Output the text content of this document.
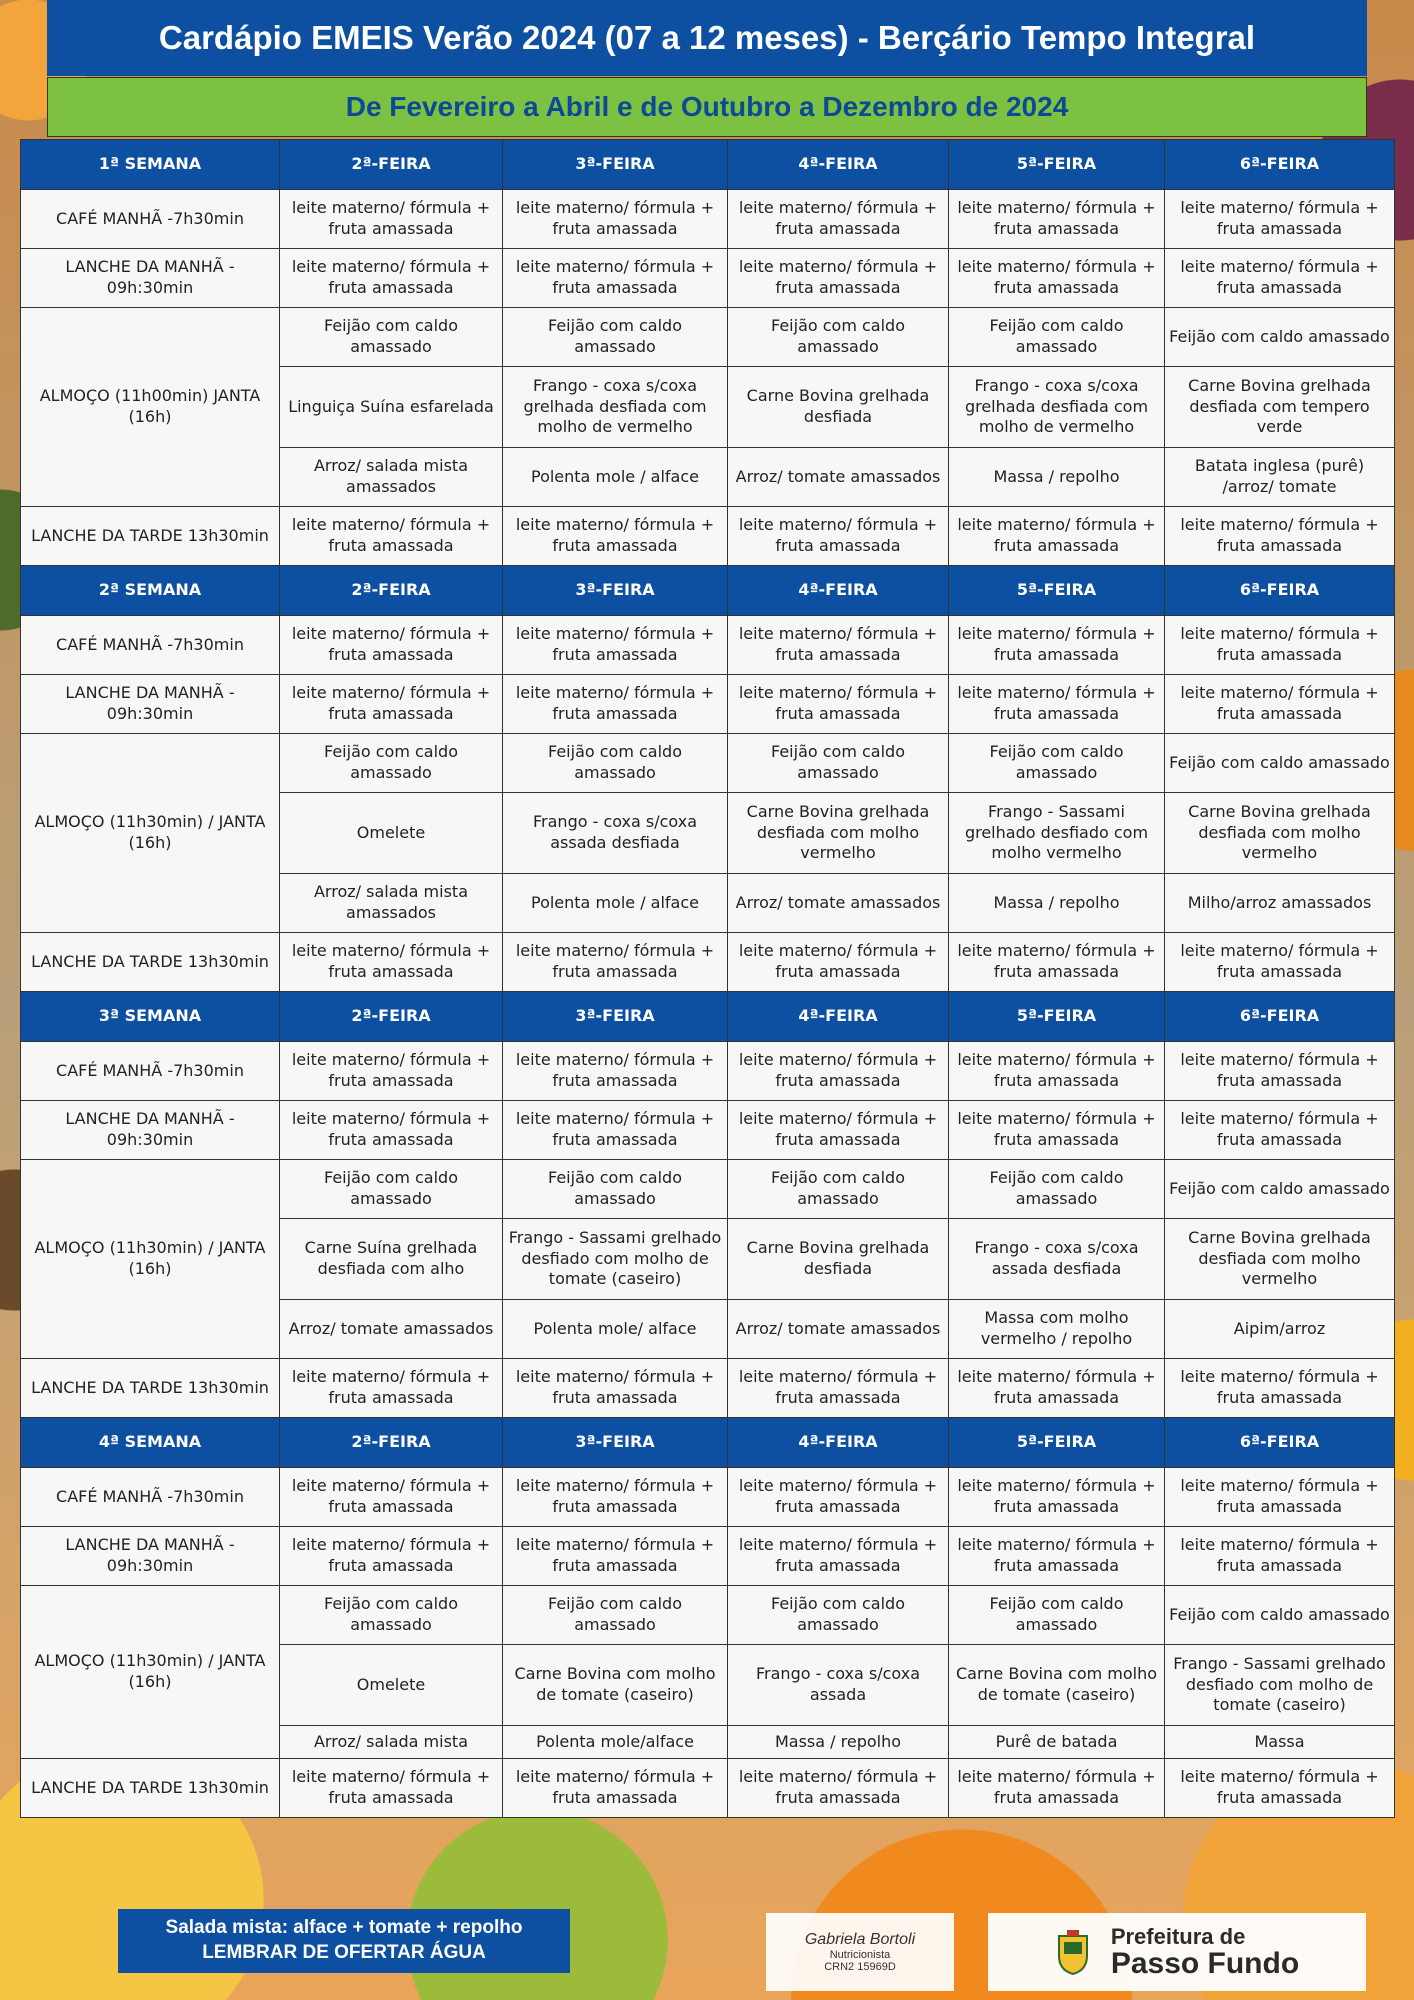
Cardápio EMEIS Verão 2024 (07 a 12 meses) - Berçário Tempo Integral
De Fevereiro a Abril e de Outubro a Dezembro de 2024
1ª SEMANA	2ª-FEIRA	3ª-FEIRA	4ª-FEIRA	5ª-FEIRA	6ª-FEIRA
CAFÉ MANHÃ -7h30min	leite materno/ fórmula + fruta amassada	leite materno/ fórmula + fruta amassada	leite materno/ fórmula + fruta amassada	leite materno/ fórmula + fruta amassada	leite materno/ fórmula + fruta amassada
LANCHE DA MANHÃ - 09h:30min	leite materno/ fórmula + fruta amassada	leite materno/ fórmula + fruta amassada	leite materno/ fórmula + fruta amassada	leite materno/ fórmula + fruta amassada	leite materno/ fórmula + fruta amassada
ALMOÇO (11h00min) JANTA (16h)	Feijão com caldo amassado	Feijão com caldo amassado	Feijão com caldo amassado	Feijão com caldo amassado	Feijão com caldo amassado
	Linguiça Suína esfarelada	Frango - coxa s/coxa grelhada desfiada com molho de vermelho	Carne Bovina grelhada desfiada	Frango - coxa s/coxa grelhada desfiada com molho de vermelho	Carne Bovina grelhada desfiada com tempero verde
	Arroz/ salada mista amassados	Polenta mole / alface	Arroz/ tomate amassados	Massa / repolho	Batata inglesa (purê) /arroz/ tomate
LANCHE DA TARDE 13h30min	leite materno/ fórmula + fruta amassada	leite materno/ fórmula + fruta amassada	leite materno/ fórmula + fruta amassada	leite materno/ fórmula + fruta amassada	leite materno/ fórmula + fruta amassada
2ª SEMANA	2ª-FEIRA	3ª-FEIRA	4ª-FEIRA	5ª-FEIRA	6ª-FEIRA
CAFÉ MANHÃ -7h30min	leite materno/ fórmula + fruta amassada	leite materno/ fórmula + fruta amassada	leite materno/ fórmula + fruta amassada	leite materno/ fórmula + fruta amassada	leite materno/ fórmula + fruta amassada
LANCHE DA MANHÃ - 09h:30min	leite materno/ fórmula + fruta amassada	leite materno/ fórmula + fruta amassada	leite materno/ fórmula + fruta amassada	leite materno/ fórmula + fruta amassada	leite materno/ fórmula + fruta amassada
ALMOÇO (11h30min) / JANTA (16h)	Feijão com caldo amassado	Feijão com caldo amassado	Feijão com caldo amassado	Feijão com caldo amassado	Feijão com caldo amassado
	Omelete	Frango - coxa s/coxa assada desfiada	Carne Bovina grelhada desfiada com molho vermelho	Frango - Sassami grelhado desfiado com molho vermelho	Carne Bovina grelhada desfiada com molho vermelho
	Arroz/ salada mista amassados	Polenta mole / alface	Arroz/ tomate amassados	Massa / repolho	Milho/arroz amassados
LANCHE DA TARDE 13h30min	leite materno/ fórmula + fruta amassada	leite materno/ fórmula + fruta amassada	leite materno/ fórmula + fruta amassada	leite materno/ fórmula + fruta amassada	leite materno/ fórmula + fruta amassada
3ª SEMANA	2ª-FEIRA	3ª-FEIRA	4ª-FEIRA	5ª-FEIRA	6ª-FEIRA
CAFÉ MANHÃ -7h30min	leite materno/ fórmula + fruta amassada	leite materno/ fórmula + fruta amassada	leite materno/ fórmula + fruta amassada	leite materno/ fórmula + fruta amassada	leite materno/ fórmula + fruta amassada
LANCHE DA MANHÃ - 09h:30min	leite materno/ fórmula + fruta amassada	leite materno/ fórmula + fruta amassada	leite materno/ fórmula + fruta amassada	leite materno/ fórmula + fruta amassada	leite materno/ fórmula + fruta amassada
ALMOÇO (11h30min) / JANTA (16h)	Feijão com caldo amassado	Feijão com caldo amassado	Feijão com caldo amassado	Feijão com caldo amassado	Feijão com caldo amassado
	Carne Suína grelhada desfiada com alho	Frango - Sassami grelhado desfiado com molho de tomate (caseiro)	Carne Bovina grelhada desfiada	Frango - coxa s/coxa assada desfiada	Carne Bovina grelhada desfiada com molho vermelho
	Arroz/ tomate amassados	Polenta mole/ alface	Arroz/ tomate amassados	Massa com molho vermelho / repolho	Aipim/arroz
LANCHE DA TARDE 13h30min	leite materno/ fórmula + fruta amassada	leite materno/ fórmula + fruta amassada	leite materno/ fórmula + fruta amassada	leite materno/ fórmula + fruta amassada	leite materno/ fórmula + fruta amassada
4ª SEMANA	2ª-FEIRA	3ª-FEIRA	4ª-FEIRA	5ª-FEIRA	6ª-FEIRA
CAFÉ MANHÃ -7h30min	leite materno/ fórmula + fruta amassada	leite materno/ fórmula + fruta amassada	leite materno/ fórmula + fruta amassada	leite materno/ fórmula + fruta amassada	leite materno/ fórmula + fruta amassada
LANCHE DA MANHÃ - 09h:30min	leite materno/ fórmula + fruta amassada	leite materno/ fórmula + fruta amassada	leite materno/ fórmula + fruta amassada	leite materno/ fórmula + fruta amassada	leite materno/ fórmula + fruta amassada
ALMOÇO (11h30min) / JANTA (16h)	Feijão com caldo amassado	Feijão com caldo amassado	Feijão com caldo amassado	Feijão com caldo amassado	Feijão com caldo amassado
	Omelete	Carne Bovina com molho de tomate (caseiro)	Frango - coxa s/coxa assada	Carne Bovina com molho de tomate (caseiro)	Frango - Sassami grelhado desfiado com molho de tomate (caseiro)
	Arroz/ salada mista	Polenta mole/alface	Massa / repolho	Purê de batada	Massa
LANCHE DA TARDE 13h30min	leite materno/ fórmula + fruta amassada	leite materno/ fórmula + fruta amassada	leite materno/ fórmula + fruta amassada	leite materno/ fórmula + fruta amassada	leite materno/ fórmula + fruta amassada
Salada mista: alface + tomate + repolho
LEMBRAR DE OFERTAR ÁGUA
Gabriela Bortoli
Nutricionista
CRN2 15969D
Prefeitura de
Passo Fundo
